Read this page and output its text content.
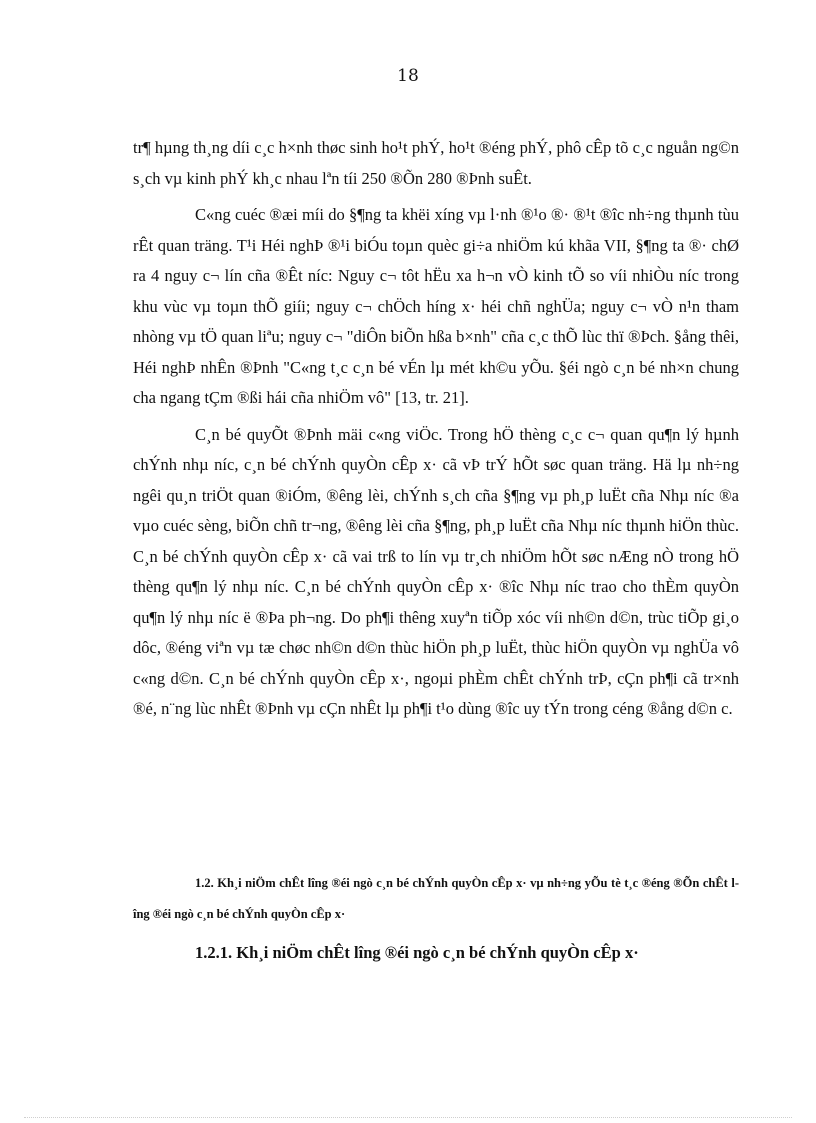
18

tr¶ hµng th¸ng díi c¸c h×nh thøc sinh ho¹t phÝ, ho¹t ®éng phÝ, phô cÊp tõ c¸c nguån ng©n s¸ch vµ kinh phÝ kh¸c nhau lªn tíi 250 ®Õn 280 ®Þnh suÊt.

C«ng cuéc ®æi míi do §¶ng ta khëi xíng vµ l·nh ®¹o ®· ®¹t ®îc nh÷ng thµnh tùu rÊt quan träng. T¹i Héi nghÞ ®¹i biÓu toµn quèc gi÷a nhiÖm kú khãa VII, §¶ng ta ®· chØ ra 4 nguy c¬ lín cña ®Êt níc: Nguy c¬ tôt hËu xa h¬n vÒ kinh tÕ so víi nhiÒu níc trong khu vùc vµ toµn thÕ giíi; nguy c¬ chÖch híng x· héi chñ nghÜa; nguy c¬ vÒ n¹n tham nhòng vµ tÖ quan liªu; nguy c¬ "diÔn biÕn hßa b×nh" cña c¸c thÕ lùc thï ®Þch. §ång thêi, Héi nghÞ nhÊn ®Þnh "C«ng t¸c c¸n bé vÉn lµ mét kh©u yÕu. §éi ngò c¸n bé nh×n chung cha ngang tÇm ®ßi hái cña nhiÖm vô" [13, tr. 21].

C¸n bé quyÕt ®Þnh mäi c«ng viÖc. Trong hÖ thèng c¸c c¬ quan qu¶n lý hµnh chÝnh nhµ níc, c¸n bé chÝnh quyÒn cÊp x· cã vÞ trÝ hÕt søc quan träng. Hä lµ nh÷ng ngêi qu¸n triÖt quan ®iÓm, ®êng lèi, chÝnh s¸ch cña §¶ng vµ ph¸p luËt cña Nhµ níc ®a vµo cuéc sèng, biÕn chñ tr¬ng, ®êng lèi cña §¶ng, ph¸p luËt cña Nhµ níc thµnh hiÖn thùc. C¸n bé chÝnh quyÒn cÊp x· cã vai trß to lín vµ tr¸ch nhiÖm hÕt søc nÆng nÒ trong hÖ thèng qu¶n lý nhµ níc. C¸n bé chÝnh quyÒn cÊp x· ®îc Nhµ níc trao cho thÈm quyÒn qu¶n lý nhµ níc ë ®Þa ph¬ng. Do ph¶i thêng xuyªn tiÕp xóc víi nh©n d©n, trùc tiÕp gi¸o dôc, ®éng viªn vµ tæ chøc nh©n d©n thùc hiÖn ph¸p luËt, thùc hiÖn quyÒn vµ nghÜa vô c«ng d©n. C¸n bé chÝnh quyÒn cÊp x·, ngoµi phÈm chÊt chÝnh trÞ, cÇn ph¶i cã tr×nh ®é, n¨ng lùc nhÊt ®Þnh vµ cÇn nhÊt lµ ph¶i t¹o dùng ®îc uy tÝn trong céng ®ång d©n c.

1.2. Kh¸i niÖm chÊt lîng ®éi ngò c¸n bé chÝnh quyÒn cÊp x· vµ nh÷ng yÕu tè t¸c ®éng ®Õn chÊt lîng ®éi ngò c¸n bé chÝnh quyÒn cÊp x·

1.2.1. Kh¸i niÖm chÊt lîng ®éi ngò c¸n bé chÝnh quyÒn cÊp x·
